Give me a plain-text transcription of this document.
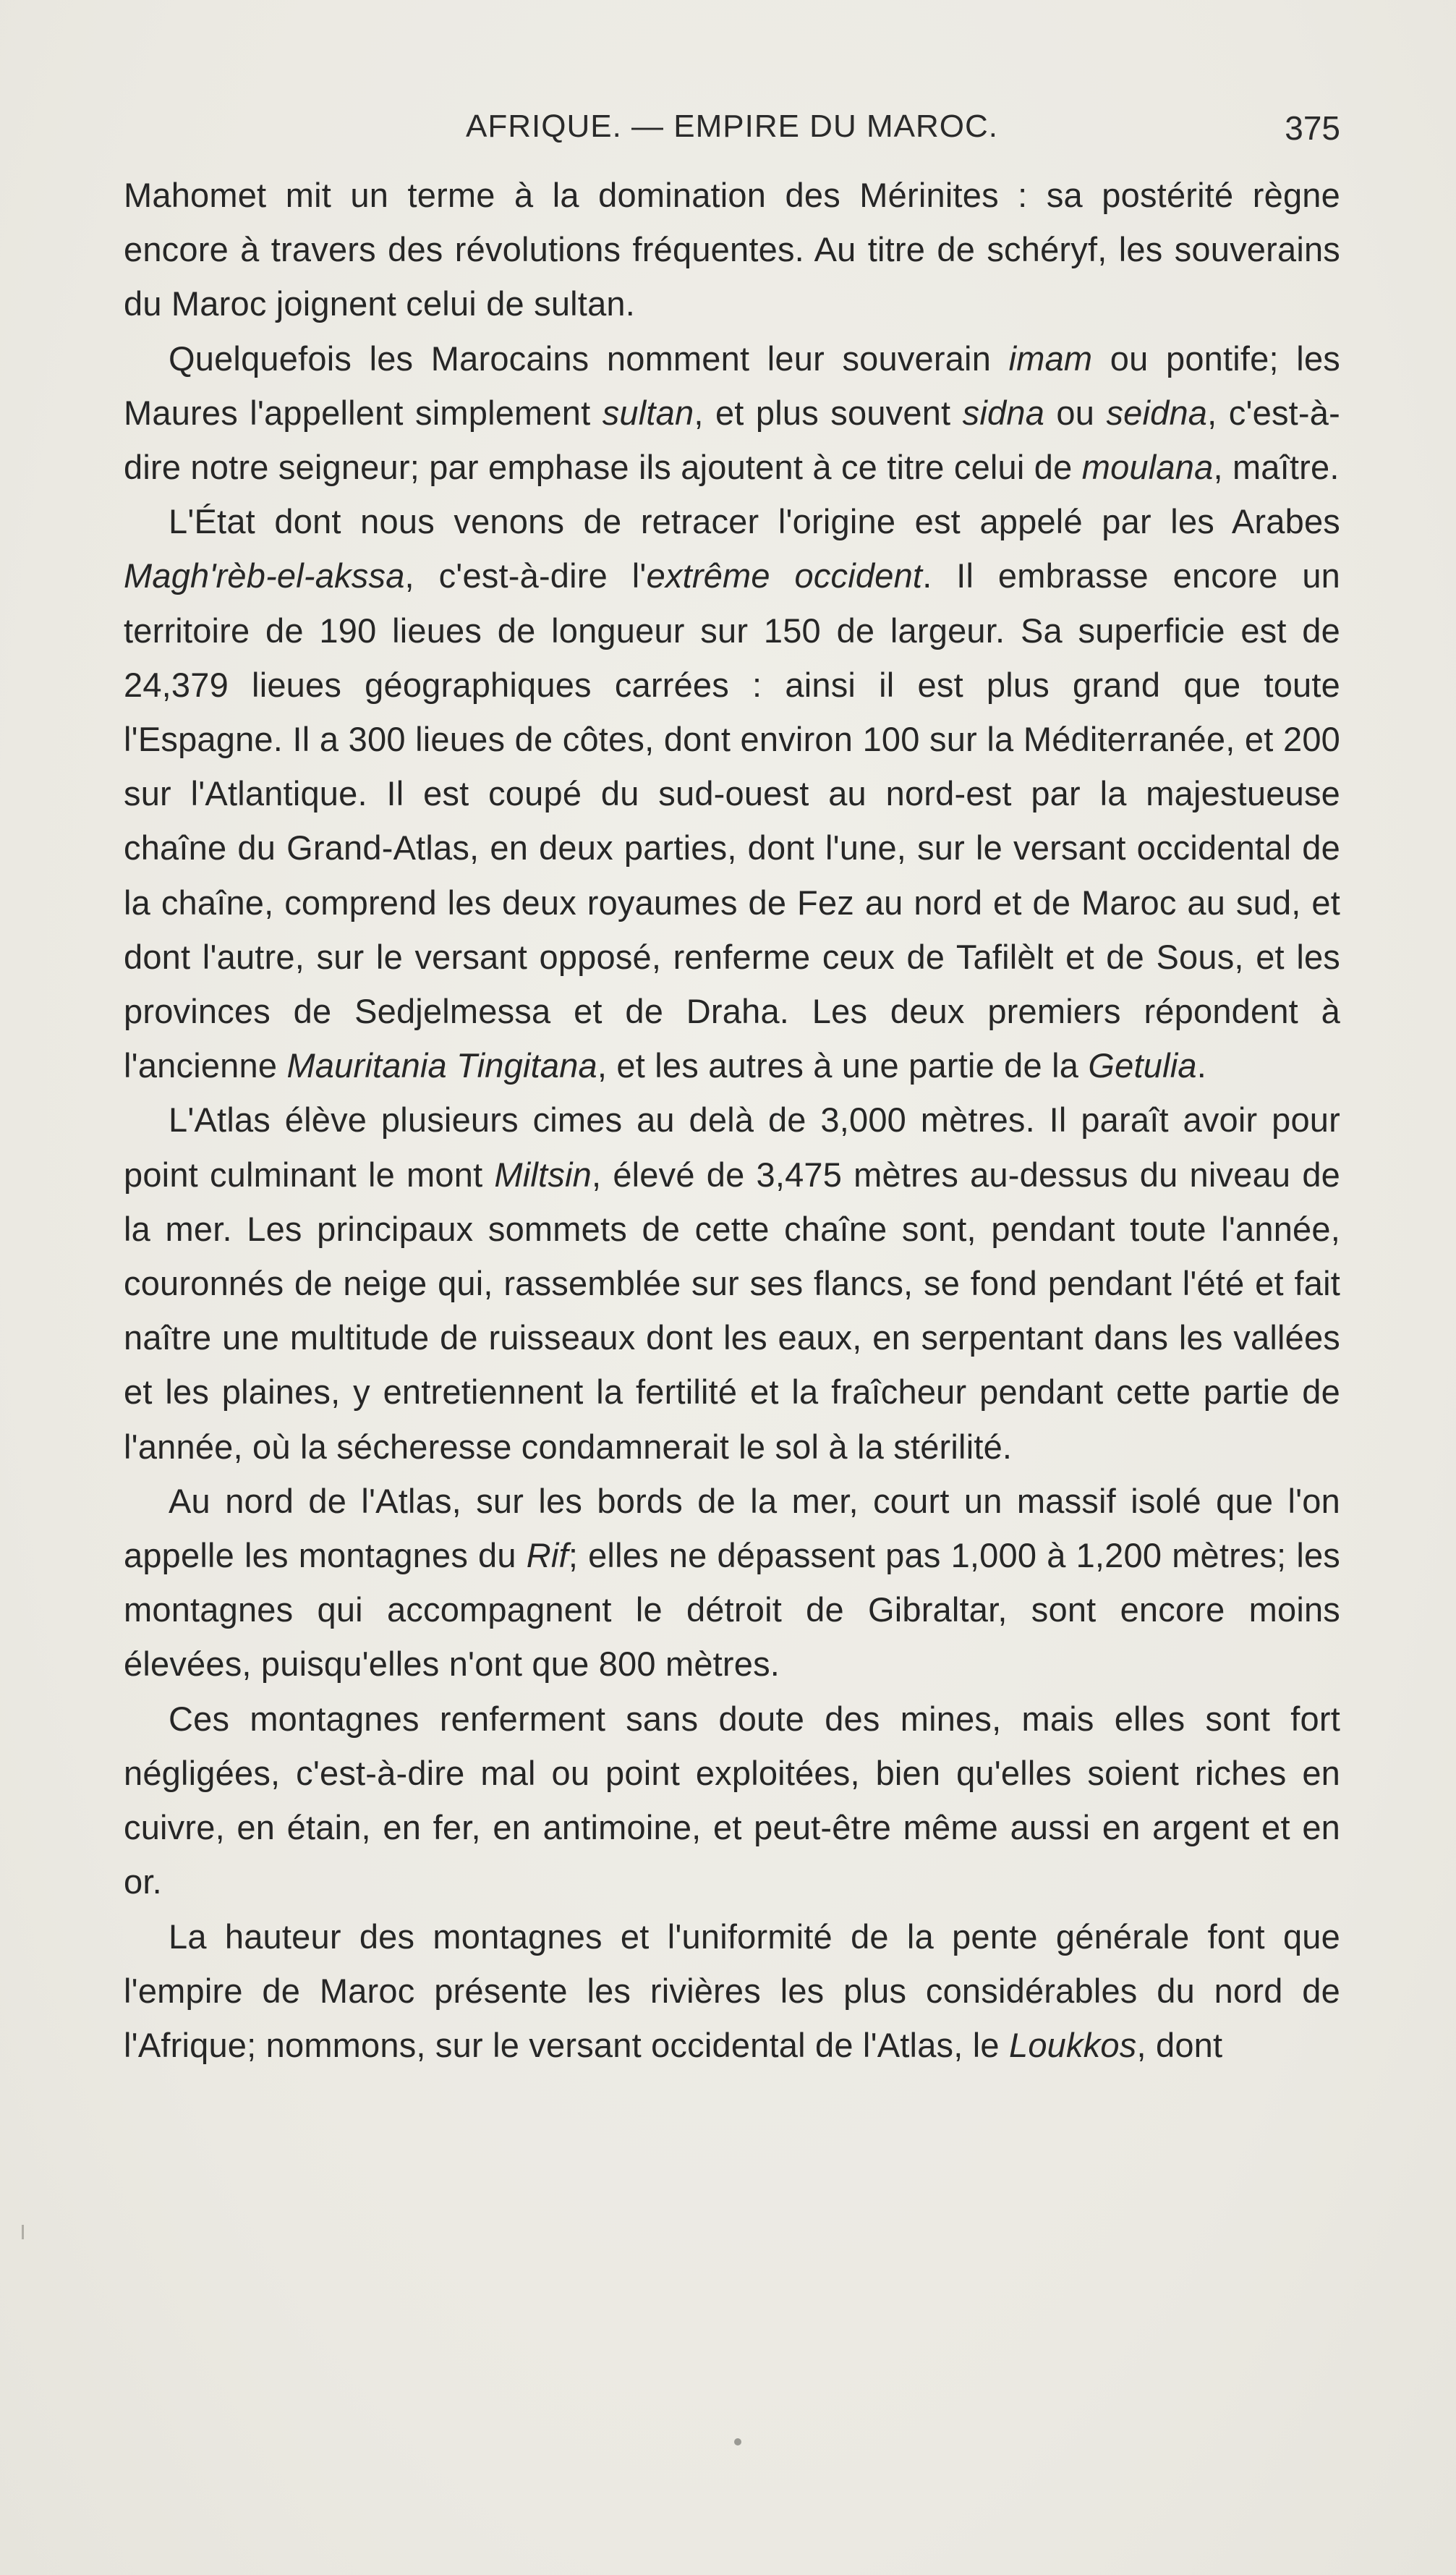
AFRIQUE. — EMPIRE DU MAROC.	375

Mahomet mit un terme à la domination des Mérinites : sa postérité règne encore à travers des révolutions fréquentes. Au titre de schéryf, les souverains du Maroc joignent celui de sultan.

Quelquefois les Marocains nomment leur souverain imam ou pontife; les Maures l'appellent simplement sultan, et plus souvent sidna ou seidna, c'est-à-dire notre seigneur; par emphase ils ajoutent à ce titre celui de moulana, maître.

L'État dont nous venons de retracer l'origine est appelé par les Arabes Magh'rèb-el-akssa, c'est-à-dire l'extrême occident. Il embrasse encore un territoire de 190 lieues de longueur sur 150 de largeur. Sa superficie est de 24,379 lieues géographiques carrées : ainsi il est plus grand que toute l'Espagne. Il a 300 lieues de côtes, dont environ 100 sur la Méditerranée, et 200 sur l'Atlantique. Il est coupé du sud-ouest au nord-est par la majestueuse chaîne du Grand-Atlas, en deux parties, dont l'une, sur le versant occidental de la chaîne, comprend les deux royaumes de Fez au nord et de Maroc au sud, et dont l'autre, sur le versant opposé, renferme ceux de Tafilèlt et de Sous, et les provinces de Sedjelmessa et de Draha. Les deux premiers répondent à l'ancienne Mauritania Tingitana, et les autres à une partie de la Getulia.

L'Atlas élève plusieurs cimes au delà de 3,000 mètres. Il paraît avoir pour point culminant le mont Miltsin, élevé de 3,475 mètres au-dessus du niveau de la mer. Les principaux sommets de cette chaîne sont, pendant toute l'année, couronnés de neige qui, rassemblée sur ses flancs, se fond pendant l'été et fait naître une multitude de ruisseaux dont les eaux, en serpentant dans les vallées et les plaines, y entretiennent la fertilité et la fraîcheur pendant cette partie de l'année, où la sécheresse condamnerait le sol à la stérilité.

Au nord de l'Atlas, sur les bords de la mer, court un massif isolé que l'on appelle les montagnes du Rif; elles ne dépassent pas 1,000 à 1,200 mètres; les montagnes qui accompagnent le détroit de Gibraltar, sont encore moins élevées, puisqu'elles n'ont que 800 mètres.

Ces montagnes renferment sans doute des mines, mais elles sont fort négligées, c'est-à-dire mal ou point exploitées, bien qu'elles soient riches en cuivre, en étain, en fer, en antimoine, et peut-être même aussi en argent et en or.

La hauteur des montagnes et l'uniformité de la pente générale font que l'empire de Maroc présente les rivières les plus considérables du nord de l'Afrique; nommons, sur le versant occidental de l'Atlas, le Loukkos, dont
